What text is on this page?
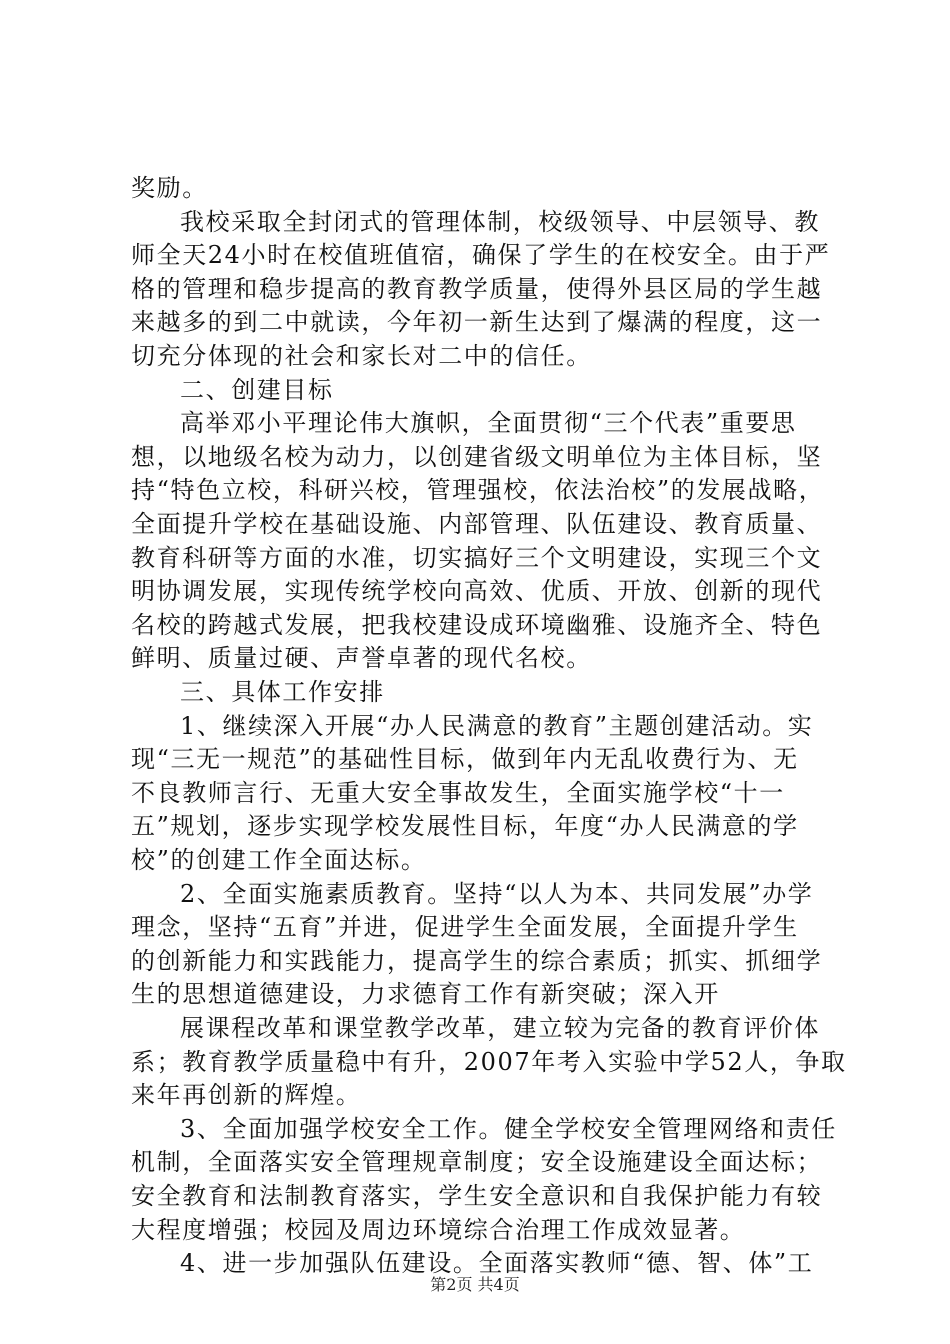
奖励。
我校采取全封闭式的管理体制，校级领导、中层领导、教
师全天24小时在校值班值宿，确保了学生的在校安全。由于严
格的管理和稳步提高的教育教学质量，使得外县区局的学生越
来越多的到二中就读，今年初一新生达到了爆满的程度，这一
切充分体现的社会和家长对二中的信任。
二、创建目标
高举邓小平理论伟大旗帜，全面贯彻“三个代表”重要思
想，以地级名校为动力，以创建省级文明单位为主体目标，坚
持“特色立校，科研兴校，管理强校，依法治校”的发展战略，
全面提升学校在基础设施、内部管理、队伍建设、教育质量、
教育科研等方面的水准，切实搞好三个文明建设，实现三个文
明协调发展，实现传统学校向高效、优质、开放、创新的现代
名校的跨越式发展，把我校建设成环境幽雅、设施齐全、特色
鲜明、质量过硬、声誉卓著的现代名校。
三、具体工作安排
1、继续深入开展“办人民满意的教育”主题创建活动。实
现“三无一规范”的基础性目标，做到年内无乱收费行为、无
不良教师言行、无重大安全事故发生，全面实施学校“十一
五”规划，逐步实现学校发展性目标，年度“办人民满意的学
校”的创建工作全面达标。
2、全面实施素质教育。坚持“以人为本、共同发展”办学
理念，坚持“五育”并进，促进学生全面发展，全面提升学生
的创新能力和实践能力，提高学生的综合素质；抓实、抓细学
生的思想道德建设，力求德育工作有新突破；深入开
展课程改革和课堂教学改革，建立较为完备的教育评价体
系；教育教学质量稳中有升，2007年考入实验中学52人，争取
来年再创新的辉煌。
3、全面加强学校安全工作。健全学校安全管理网络和责任
机制，全面落实安全管理规章制度；安全设施建设全面达标；
安全教育和法制教育落实，学生安全意识和自我保护能力有较
大程度增强；校园及周边环境综合治理工作成效显著。
4、进一步加强队伍建设。全面落实教师“德、智、体”工
第2页 共4页
